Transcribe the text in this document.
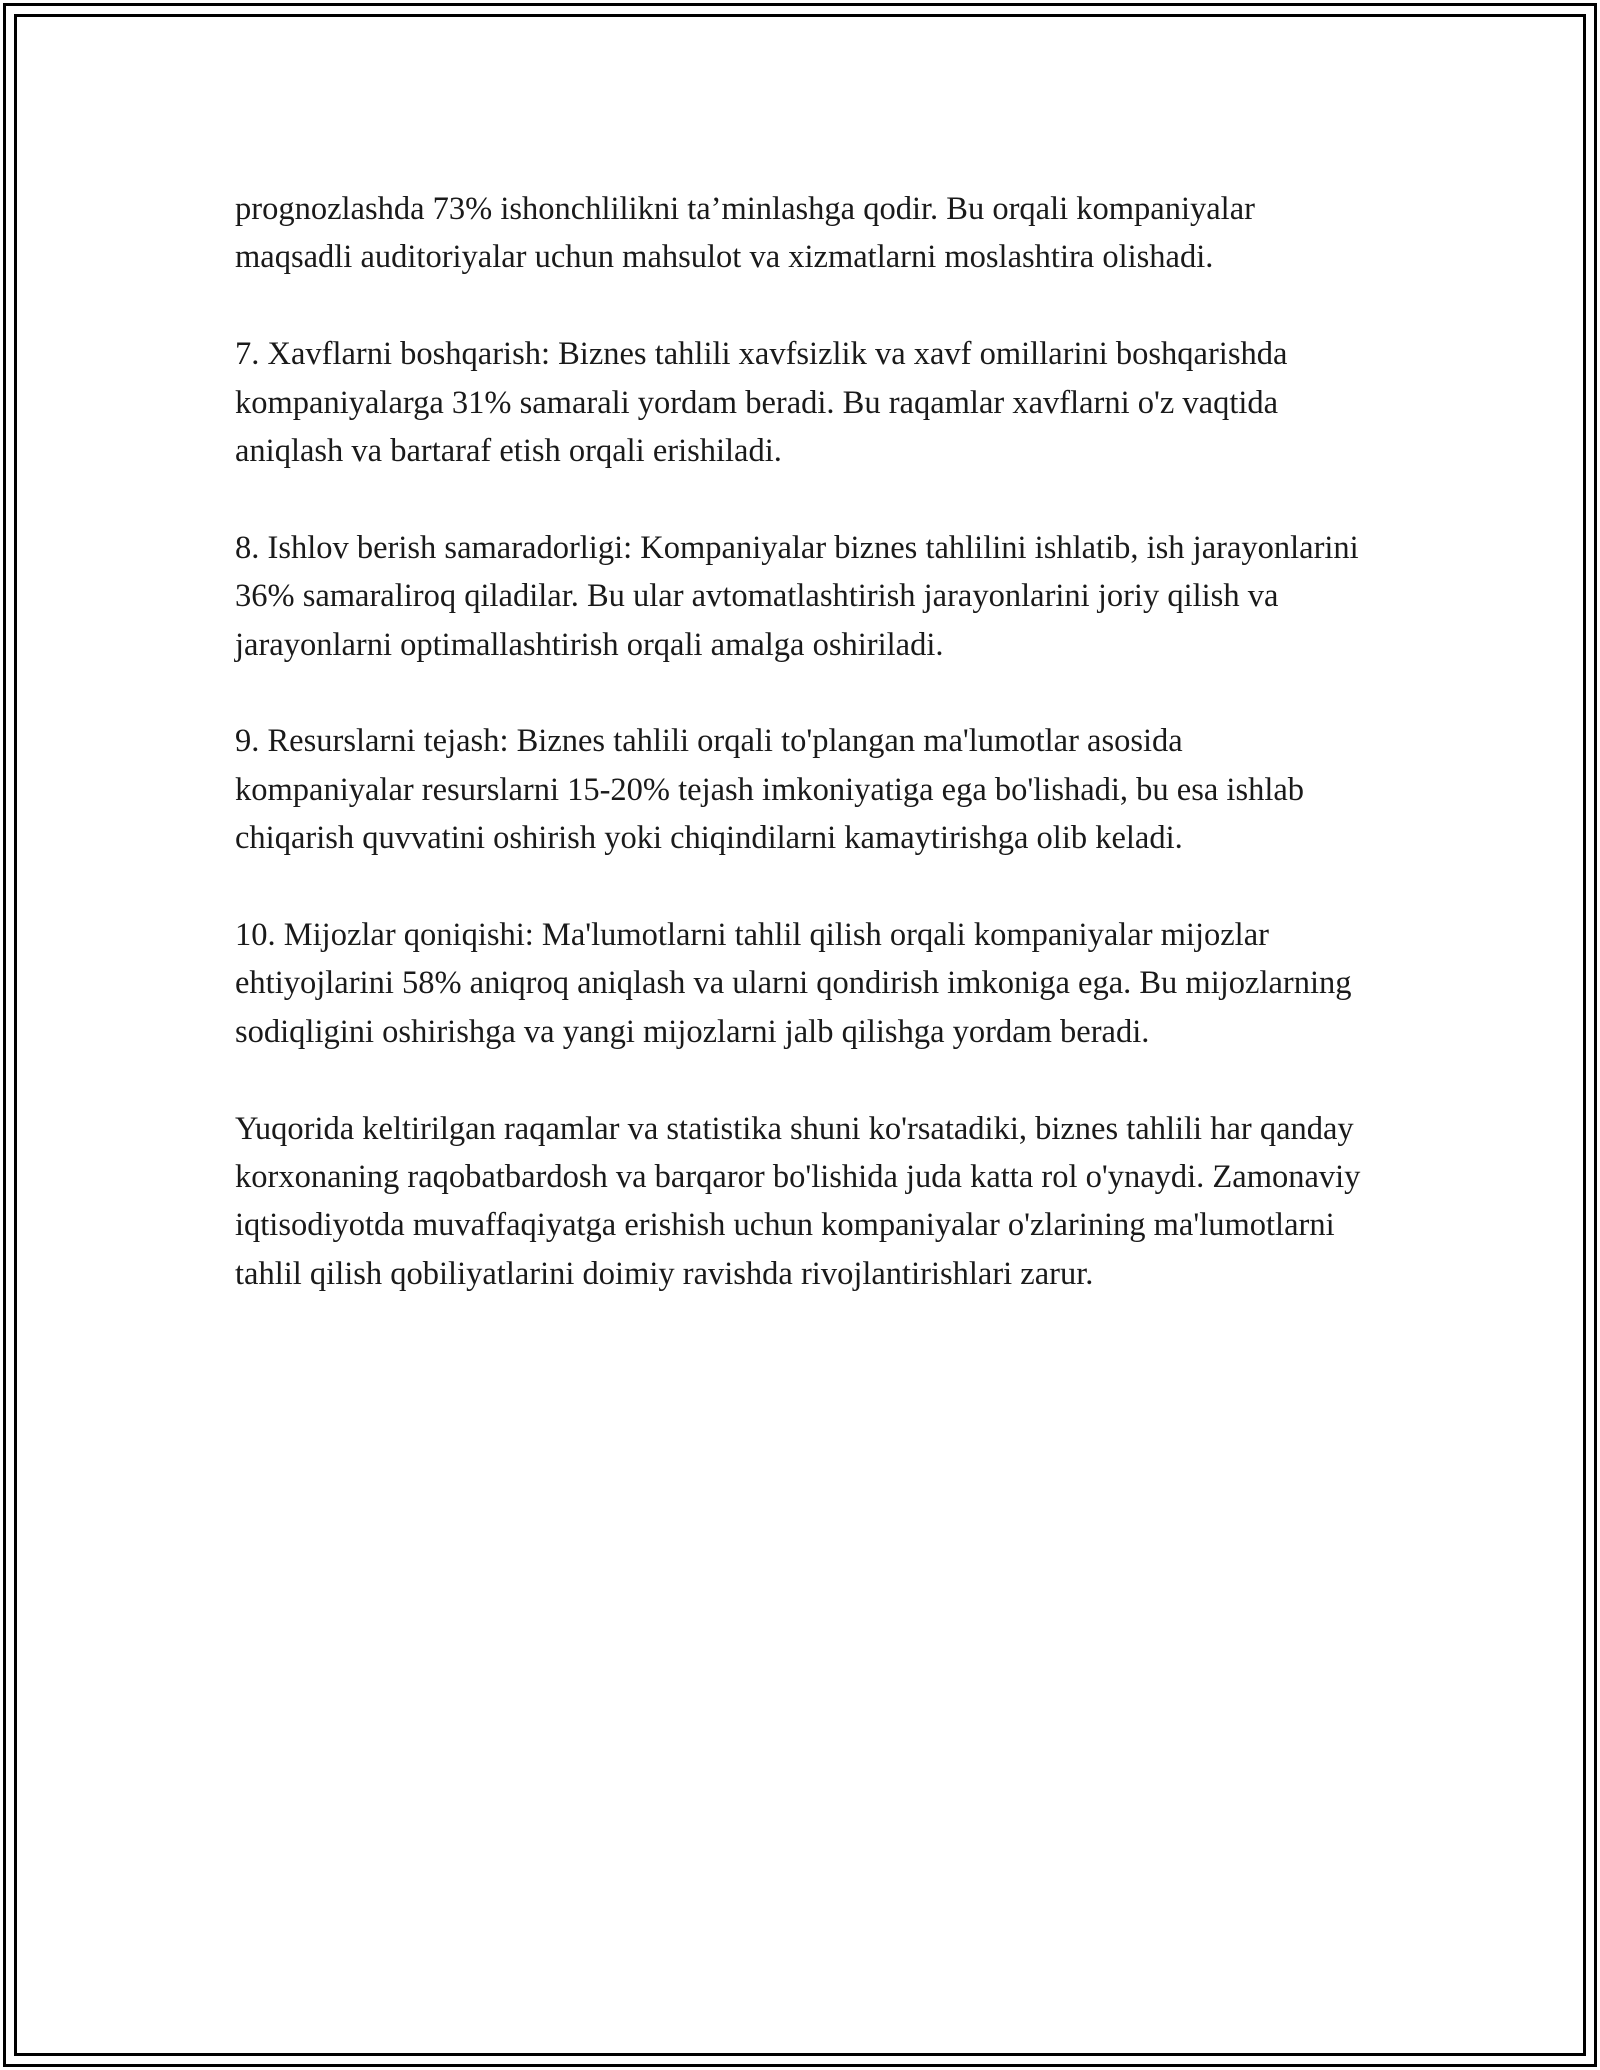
prognozlashda 73% ishonchlilikni ta’minlashga qodir. Bu orqali kompaniyalar maqsadli auditoriyalar uchun mahsulot va xizmatlarni moslashtira olishadi.

7. Xavflarni boshqarish: Biznes tahlili xavfsizlik va xavf omillarini boshqarishda kompaniyalarga 31% samarali yordam beradi. Bu raqamlar xavflarni o'z vaqtida aniqlash va bartaraf etish orqali erishiladi.

8. Ishlov berish samaradorligi: Kompaniyalar biznes tahlilini ishlatib, ish jarayonlarini 36% samaraliroq qiladilar. Bu ular avtomatlashtirish jarayonlarini joriy qilish va jarayonlarni optimallashtirish orqali amalga oshiriladi.

9. Resurslarni tejash: Biznes tahlili orqali to'plangan ma'lumotlar asosida kompaniyalar resurslarni 15-20% tejash imkoniyatiga ega bo'lishadi, bu esa ishlab chiqarish quvvatini oshirish yoki chiqindilarni kamaytirishga olib keladi.

10. Mijozlar qoniqishi: Ma'lumotlarni tahlil qilish orqali kompaniyalar mijozlar ehtiyojlarini 58% aniqroq aniqlash va ularni qondirish imkoniga ega. Bu mijozlarning sodiqligini oshirishga va yangi mijozlarni jalb qilishga yordam beradi.

Yuqorida keltirilgan raqamlar va statistika shuni ko'rsatadiki, biznes tahlili har qanday korxonaning raqobatbardosh va barqaror bo'lishida juda katta rol o'ynaydi. Zamonaviy iqtisodiyotda muvaffaqiyatga erishish uchun kompaniyalar o'zlarining ma'lumotlarni tahlil qilish qobiliyatlarini doimiy ravishda rivojlantirishlari zarur.
